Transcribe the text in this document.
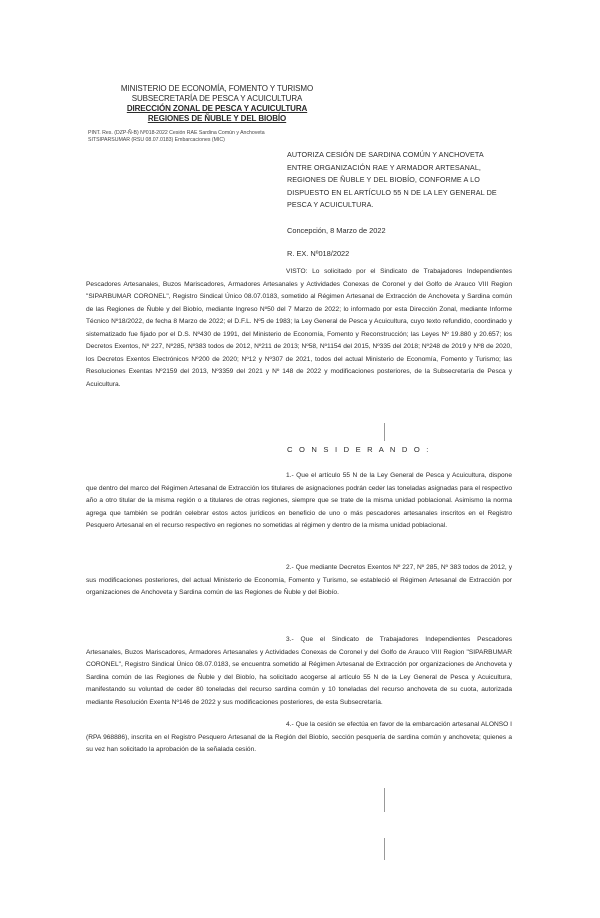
MINISTERIO DE ECONOMÍA, FOMENTO Y TURISMO
SUBSECRETARÍA DE PESCA Y ACUICULTURA
DIRECCIÓN ZONAL DE PESCA Y ACUICULTURA
REGIONES DE ÑUBLE Y DEL BIOBÍO
PINT. Res. (DZP-Ñ-B) Nº018-2022 Cesión RAE Sardina Común y Anchoveta
SITSIPARSUMAR (RSU 08.07.0183) Embarcaciones (MIC)
AUTORIZA CESIÓN DE SARDINA COMÚN Y ANCHOVETA
ENTRE ORGANIZACIÓN RAE Y ARMADOR ARTESANAL,
REGIONES DE ÑUBLE Y DEL BIOBÍO, CONFORME A LO
DISPUESTO EN EL ARTÍCULO 55 N DE LA LEY GENERAL DE
PESCA Y ACUICULTURA.
Concepción, 8 Marzo de 2022
R. EX. Nº018/2022
VISTO: Lo solicitado por el Sindicato de Trabajadores Independientes Pescadores Artesanales, Buzos Mariscadores, Armadores Artesanales y Actividades Conexas de Coronel y del Golfo de Arauco VIII Region "SIPARBUMAR CORONEL", Registro Sindical Único 08.07.0183, sometido al Régimen Artesanal de Extracción de Anchoveta y Sardina común de las Regiones de Ñuble y del Biobío, mediante Ingreso Nº50 del 7 Marzo de 2022; lo informado por esta Dirección Zonal, mediante Informe Técnico Nº18/2022, de fecha 8 Marzo de 2022; el D.F.L. Nº5 de 1983; la Ley General de Pesca y Acuicultura, cuyo texto refundido, coordinado y sistematizado fue fijado por el D.S. Nº430 de 1991, del Ministerio de Economía, Fomento y Reconstrucción; las Leyes Nº 19.880 y 20.657; los Decretos Exentos, Nº 227, Nº285, Nº383 todos de 2012, Nº211 de 2013; Nº58, Nº1154 del 2015, Nº335 del 2018; Nº248 de 2019 y Nº8 de 2020, los Decretos Exentos Electrónicos Nº200 de 2020; Nº12 y Nº307 de 2021, todos del actual Ministerio de Economía, Fomento y Turismo; las Resoluciones Exentas Nº2159 del 2013, Nº3359 del 2021 y Nº 148 de 2022 y modificaciones posteriores, de la Subsecretaría de Pesca y Acuicultura.
C O N S I D E R A N D O :
1.- Que el artículo 55 N de la Ley General de Pesca y Acuicultura, dispone que dentro del marco del Régimen Artesanal de Extracción los titulares de asignaciones podrán ceder las toneladas asignadas para el respectivo año a otro titular de la misma región o a titulares de otras regiones, siempre que se trate de la misma unidad poblacional. Asimismo la norma agrega que también se podrán celebrar estos actos jurídicos en beneficio de uno o más pescadores artesanales inscritos en el Registro Pesquero Artesanal en el recurso respectivo en regiones no sometidas al régimen y dentro de la misma unidad poblacional.
2.- Que mediante Decretos Exentos Nº 227, Nº 285, Nº 383 todos de 2012, y sus modificaciones posteriores, del actual Ministerio de Economía, Fomento y Turismo, se estableció el Régimen Artesanal de Extracción por organizaciones de Anchoveta y Sardina común de las Regiones de Ñuble y del Biobío.
3.- Que el Sindicato de Trabajadores Independientes Pescadores Artesanales, Buzos Mariscadores, Armadores Artesanales y Actividades Conexas de Coronel y del Golfo de Arauco VIII Region "SIPARBUMAR CORONEL", Registro Sindical Único 08.07.0183, se encuentra sometido al Régimen Artesanal de Extracción por organizaciones de Anchoveta y Sardina común de las Regiones de Ñuble y del Biobío, ha solicitado acogerse al artículo 55 N de la Ley General de Pesca y Acuicultura, manifestando su voluntad de ceder 80 toneladas del recurso sardina común y 10 toneladas del recurso anchoveta de su cuota, autorizada mediante Resolución Exenta Nº146 de 2022 y sus modificaciones posteriores, de esta Subsecretaría.
4.- Que la cesión se efectúa en favor de la embarcación artesanal ALONSO I (RPA 968886), inscrita en el Registro Pesquero Artesanal de la Región del Biobío, sección pesquería de sardina común y anchoveta; quienes a su vez han solicitado la aprobación de la señalada cesión.
